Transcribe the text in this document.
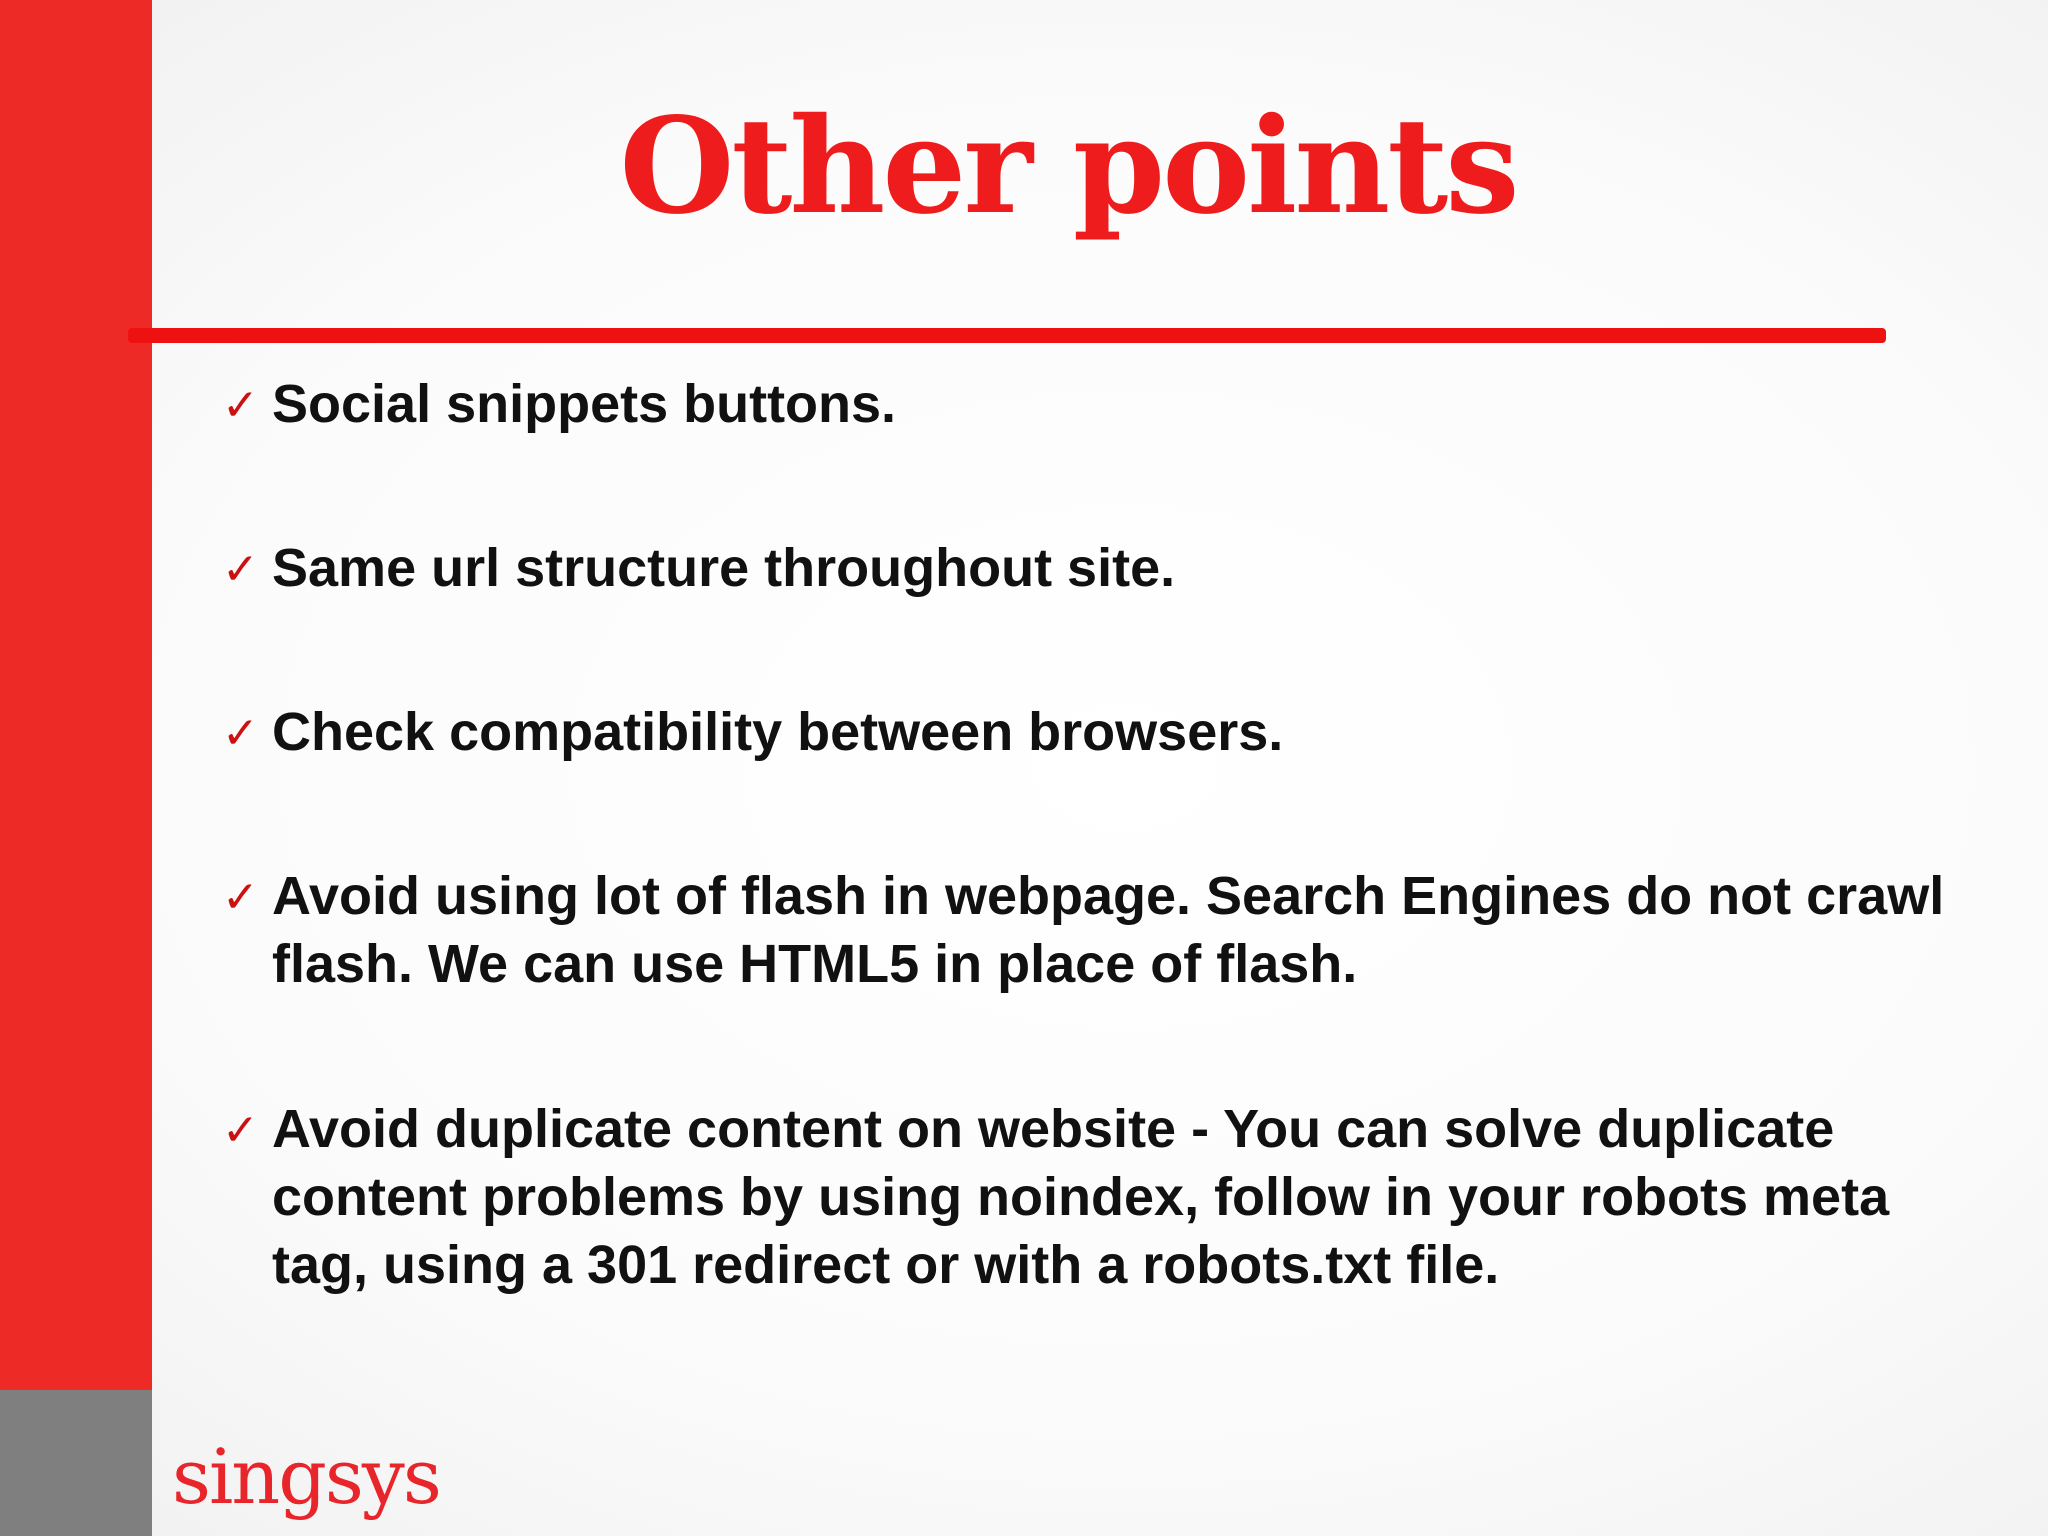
Other points
✓ Social snippets buttons.
✓ Same url structure throughout site.
✓ Check compatibility between browsers.
✓ Avoid using lot of flash in webpage. Search Engines do not crawl flash. We can use HTML5 in place of flash.
✓ Avoid duplicate content on website - You can solve duplicate content problems by using noindex, follow in your robots meta tag, using a 301 redirect or with a robots.txt file.
singsys
